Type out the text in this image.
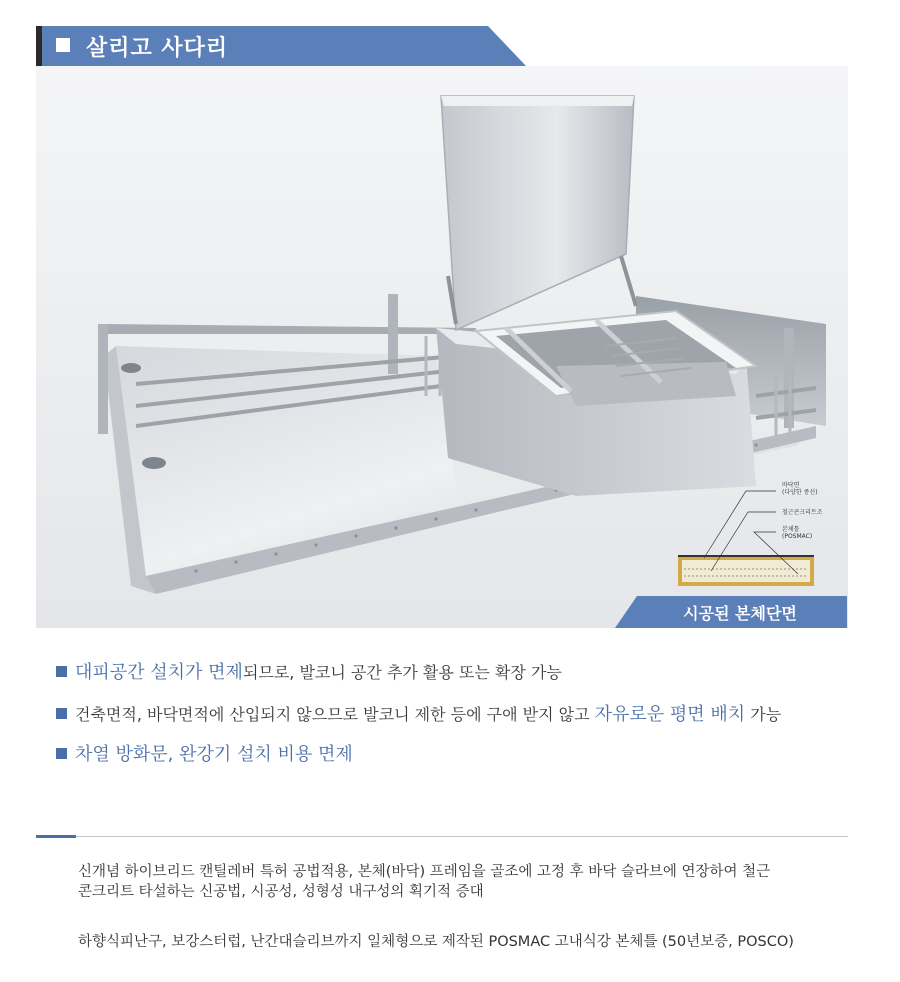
살리고 사다리
바닥면
(다양한 종선)
철근콘크리트조
본체틀
(POSMAC)
시공된 본체단면
대피공간 설치가 면제되므로, 발코니 공간 추가 활용 또는 확장 가능
건축면적, 바닥면적에 산입되지 않으므로 발코니 제한 등에 구애 받지 않고 자유로운 평면 배치 가능
차열 방화문, 완강기 설치 비용 면제
신개념 하이브리드 캔틸레버 특허 공법적용, 본체(바닥) 프레임을 골조에 고정 후 바닥 슬라브에 연장하여 철근
콘크리트 타설하는 신공법, 시공성, 성형성 내구성의 획기적 증대
하향식피난구, 보강스터럽, 난간대슬리브까지 일체형으로 제작된 POSMAC 고내식강 본체틀 (50년보증, POSCO)
